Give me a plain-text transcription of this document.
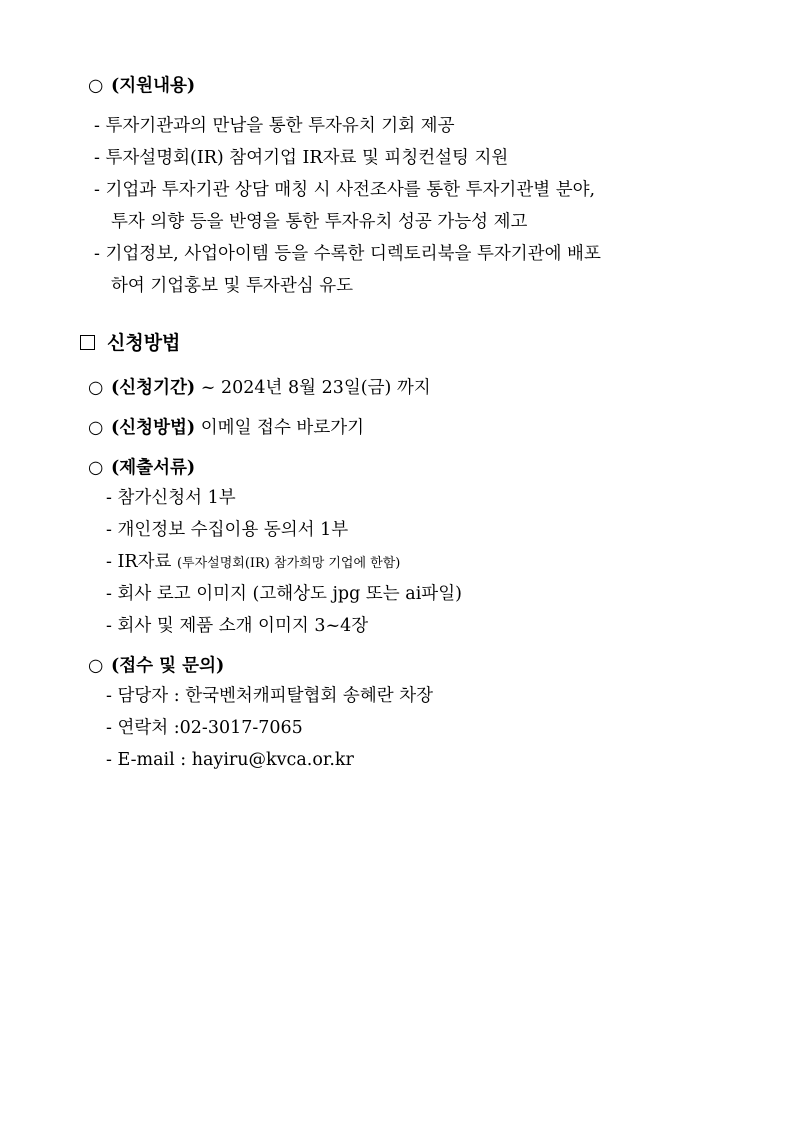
○ (지원내용)
- 투자기관과의 만남을 통한 투자유치 기회 제공
- 투자설명회(IR) 참여기업 IR자료 및 피칭컨설팅 지원
- 기업과 투자기관 상담 매칭 시 사전조사를 통한 투자기관별 분야,
투자 의향 등을 반영을 통한 투자유치 성공 가능성 제고
- 기업정보, 사업아이템 등을 수록한 디렉토리북을 투자기관에 배포
하여 기업홍보 및 투자관심 유도
신청방법
○ (신청기간) ~ 2024년 8월 23일(금) 까지
○ (신청방법) 이메일 접수 바로가기
○ (제출서류)
- 참가신청서 1부
- 개인정보 수집이용 동의서 1부
- IR자료 (투자설명회(IR) 참가희망 기업에 한함)
- 회사 로고 이미지 (고해상도 jpg 또는 ai파일)
- 회사 및 제품 소개 이미지 3~4장
○ (접수 및 문의)
- 담당자 : 한국벤처캐피탈협회 송혜란 차장
- 연락처 :02-3017-7065
- E-mail : hayiru@kvca.or.kr
